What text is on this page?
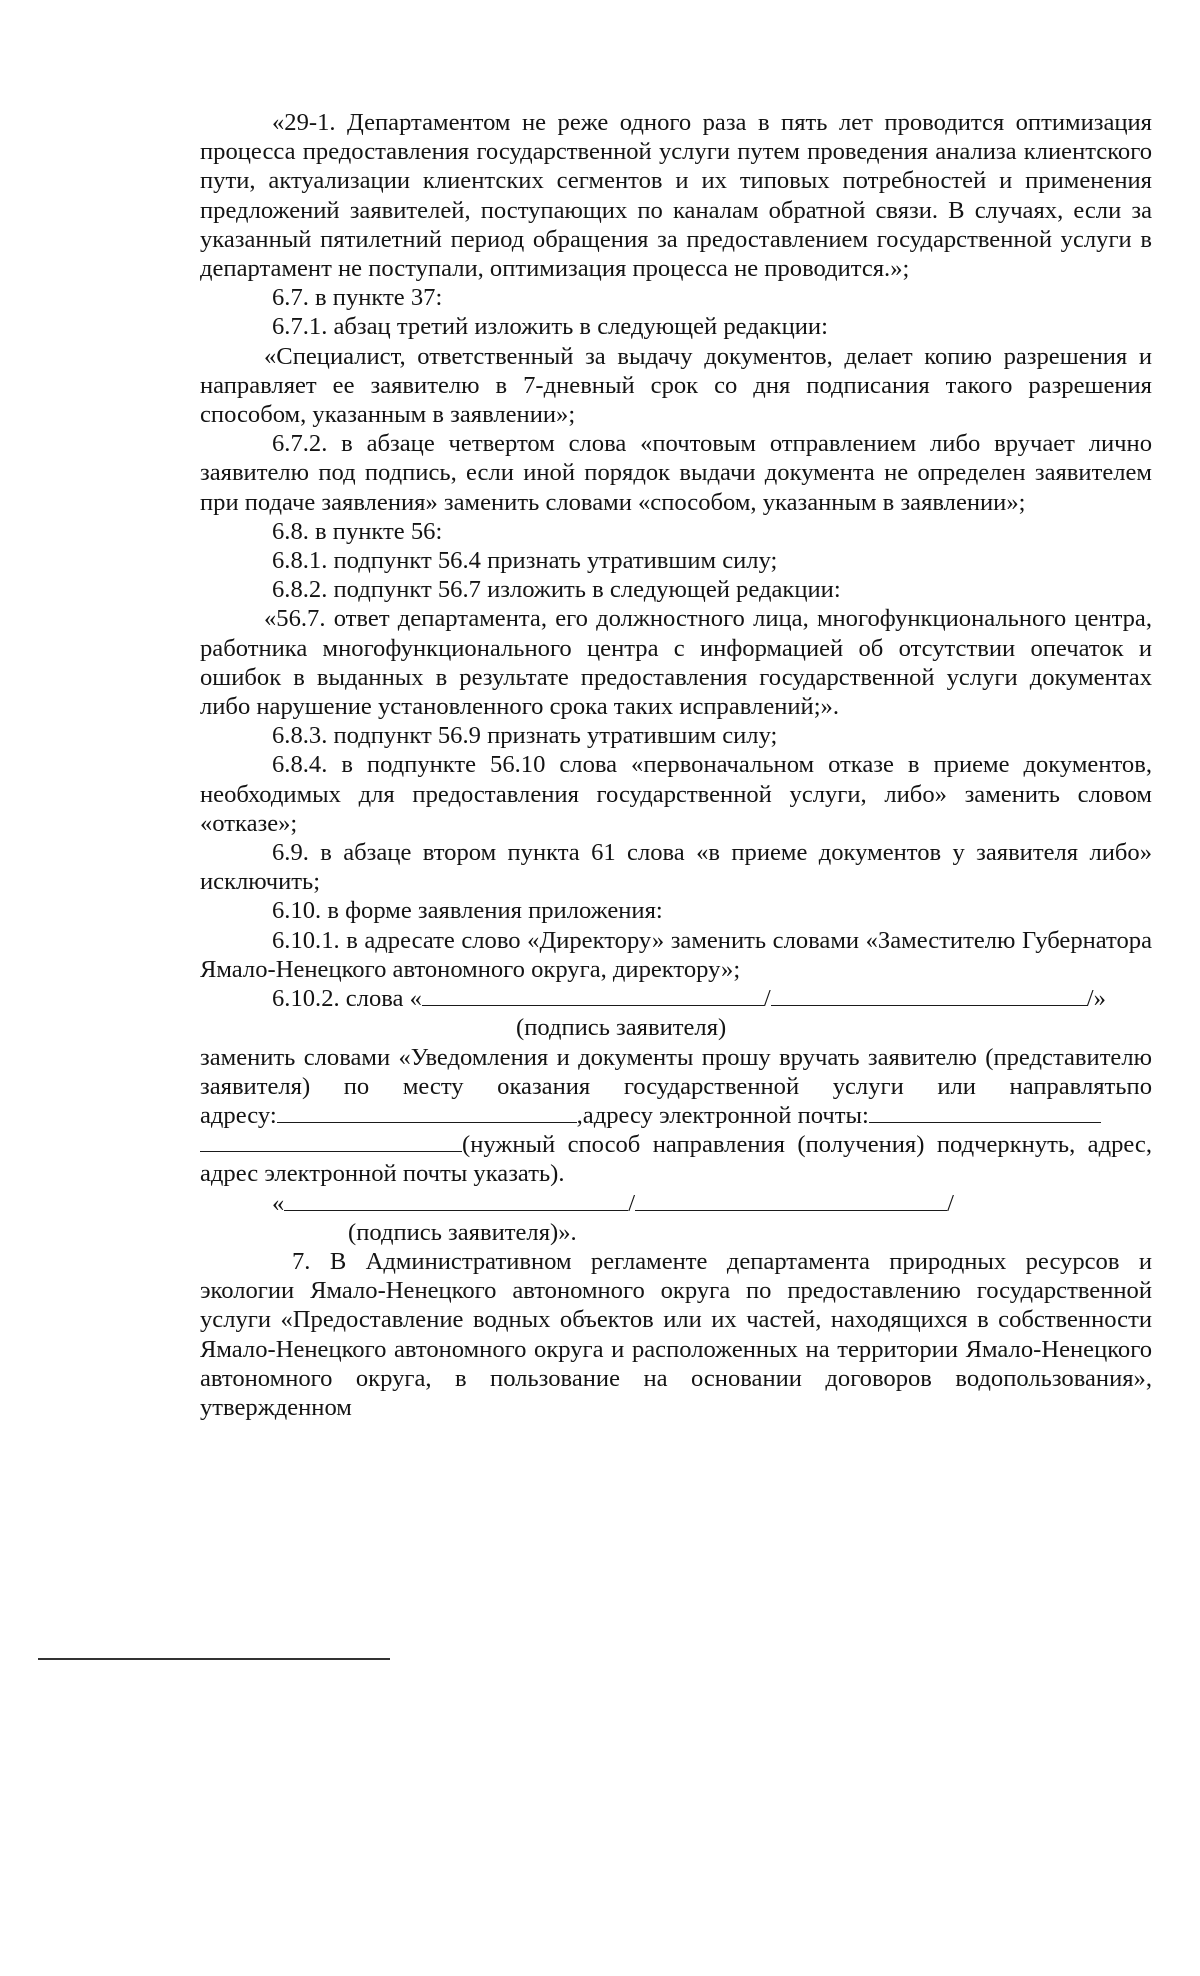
«29-1. Департаментом не реже одного раза в пять лет проводится оптимизация процесса предоставления государственной услуги путем проведения анализа клиентского пути, актуализации клиентских сегментов и их типовых потребностей и применения предложений заявителей, поступающих по каналам обратной связи. В случаях, если за указанный пятилетний период обращения за предоставлением государственной услуги в департамент не поступали, оптимизация процесса не проводится.»;

6.7. в пункте 37:

6.7.1. абзац третий изложить в следующей редакции:

«Специалист, ответственный за выдачу документов, делает копию разрешения и направляет ее заявителю в 7-дневный срок со дня подписания такого разрешения способом, указанным в заявлении»;

6.7.2. в абзаце четвертом слова «почтовым отправлением либо вручает лично заявителю под подпись, если иной порядок выдачи документа не определен заявителем при подаче заявления» заменить словами «способом, указанным в заявлении»;

6.8. в пункте 56:

6.8.1. подпункт 56.4 признать утратившим силу;

6.8.2. подпункт 56.7 изложить в следующей редакции:

«56.7. ответ департамента, его должностного лица, многофункционального центра, работника многофункционального центра с информацией об отсутствии опечаток и ошибок в выданных в результате предоставления государственной услуги документах либо нарушение установленного срока таких исправлений;».

6.8.3. подпункт 56.9 признать утратившим силу;

6.8.4. в подпункте 56.10 слова «первоначальном отказе в приеме документов, необходимых для предоставления государственной услуги, либо» заменить словом «отказе»;

6.9. в абзаце втором пункта 61 слова «в приеме документов у заявителя либо» исключить;

6.10. в форме заявления приложения:

6.10.1. в адресате слово «Директору» заменить словами «Заместителю Губернатора Ямало-Ненецкого автономного округа, директору»;

6.10.2. слова «	/	/»

(подпись заявителя)

заменить словами «Уведомления и документы прошу вручать заявителю (представителю заявителя) по месту оказания государственной услуги или направлять по

адресу:	,адресу электронной почты:

(нужный способ направления (получения) подчеркнуть, адрес, адрес электронной почты указать).

«	/	/

(подпись заявителя)».

7. В Административном регламенте департамента природных ресурсов и экологии Ямало-Ненецкого автономного округа по предоставлению государственной услуги «Предоставление водных объектов или их частей, находящихся в собственности Ямало-Ненецкого автономного округа и расположенных на территории Ямало-Ненецкого автономного округа, в пользование на основании договоров водопользования», утвержденном
